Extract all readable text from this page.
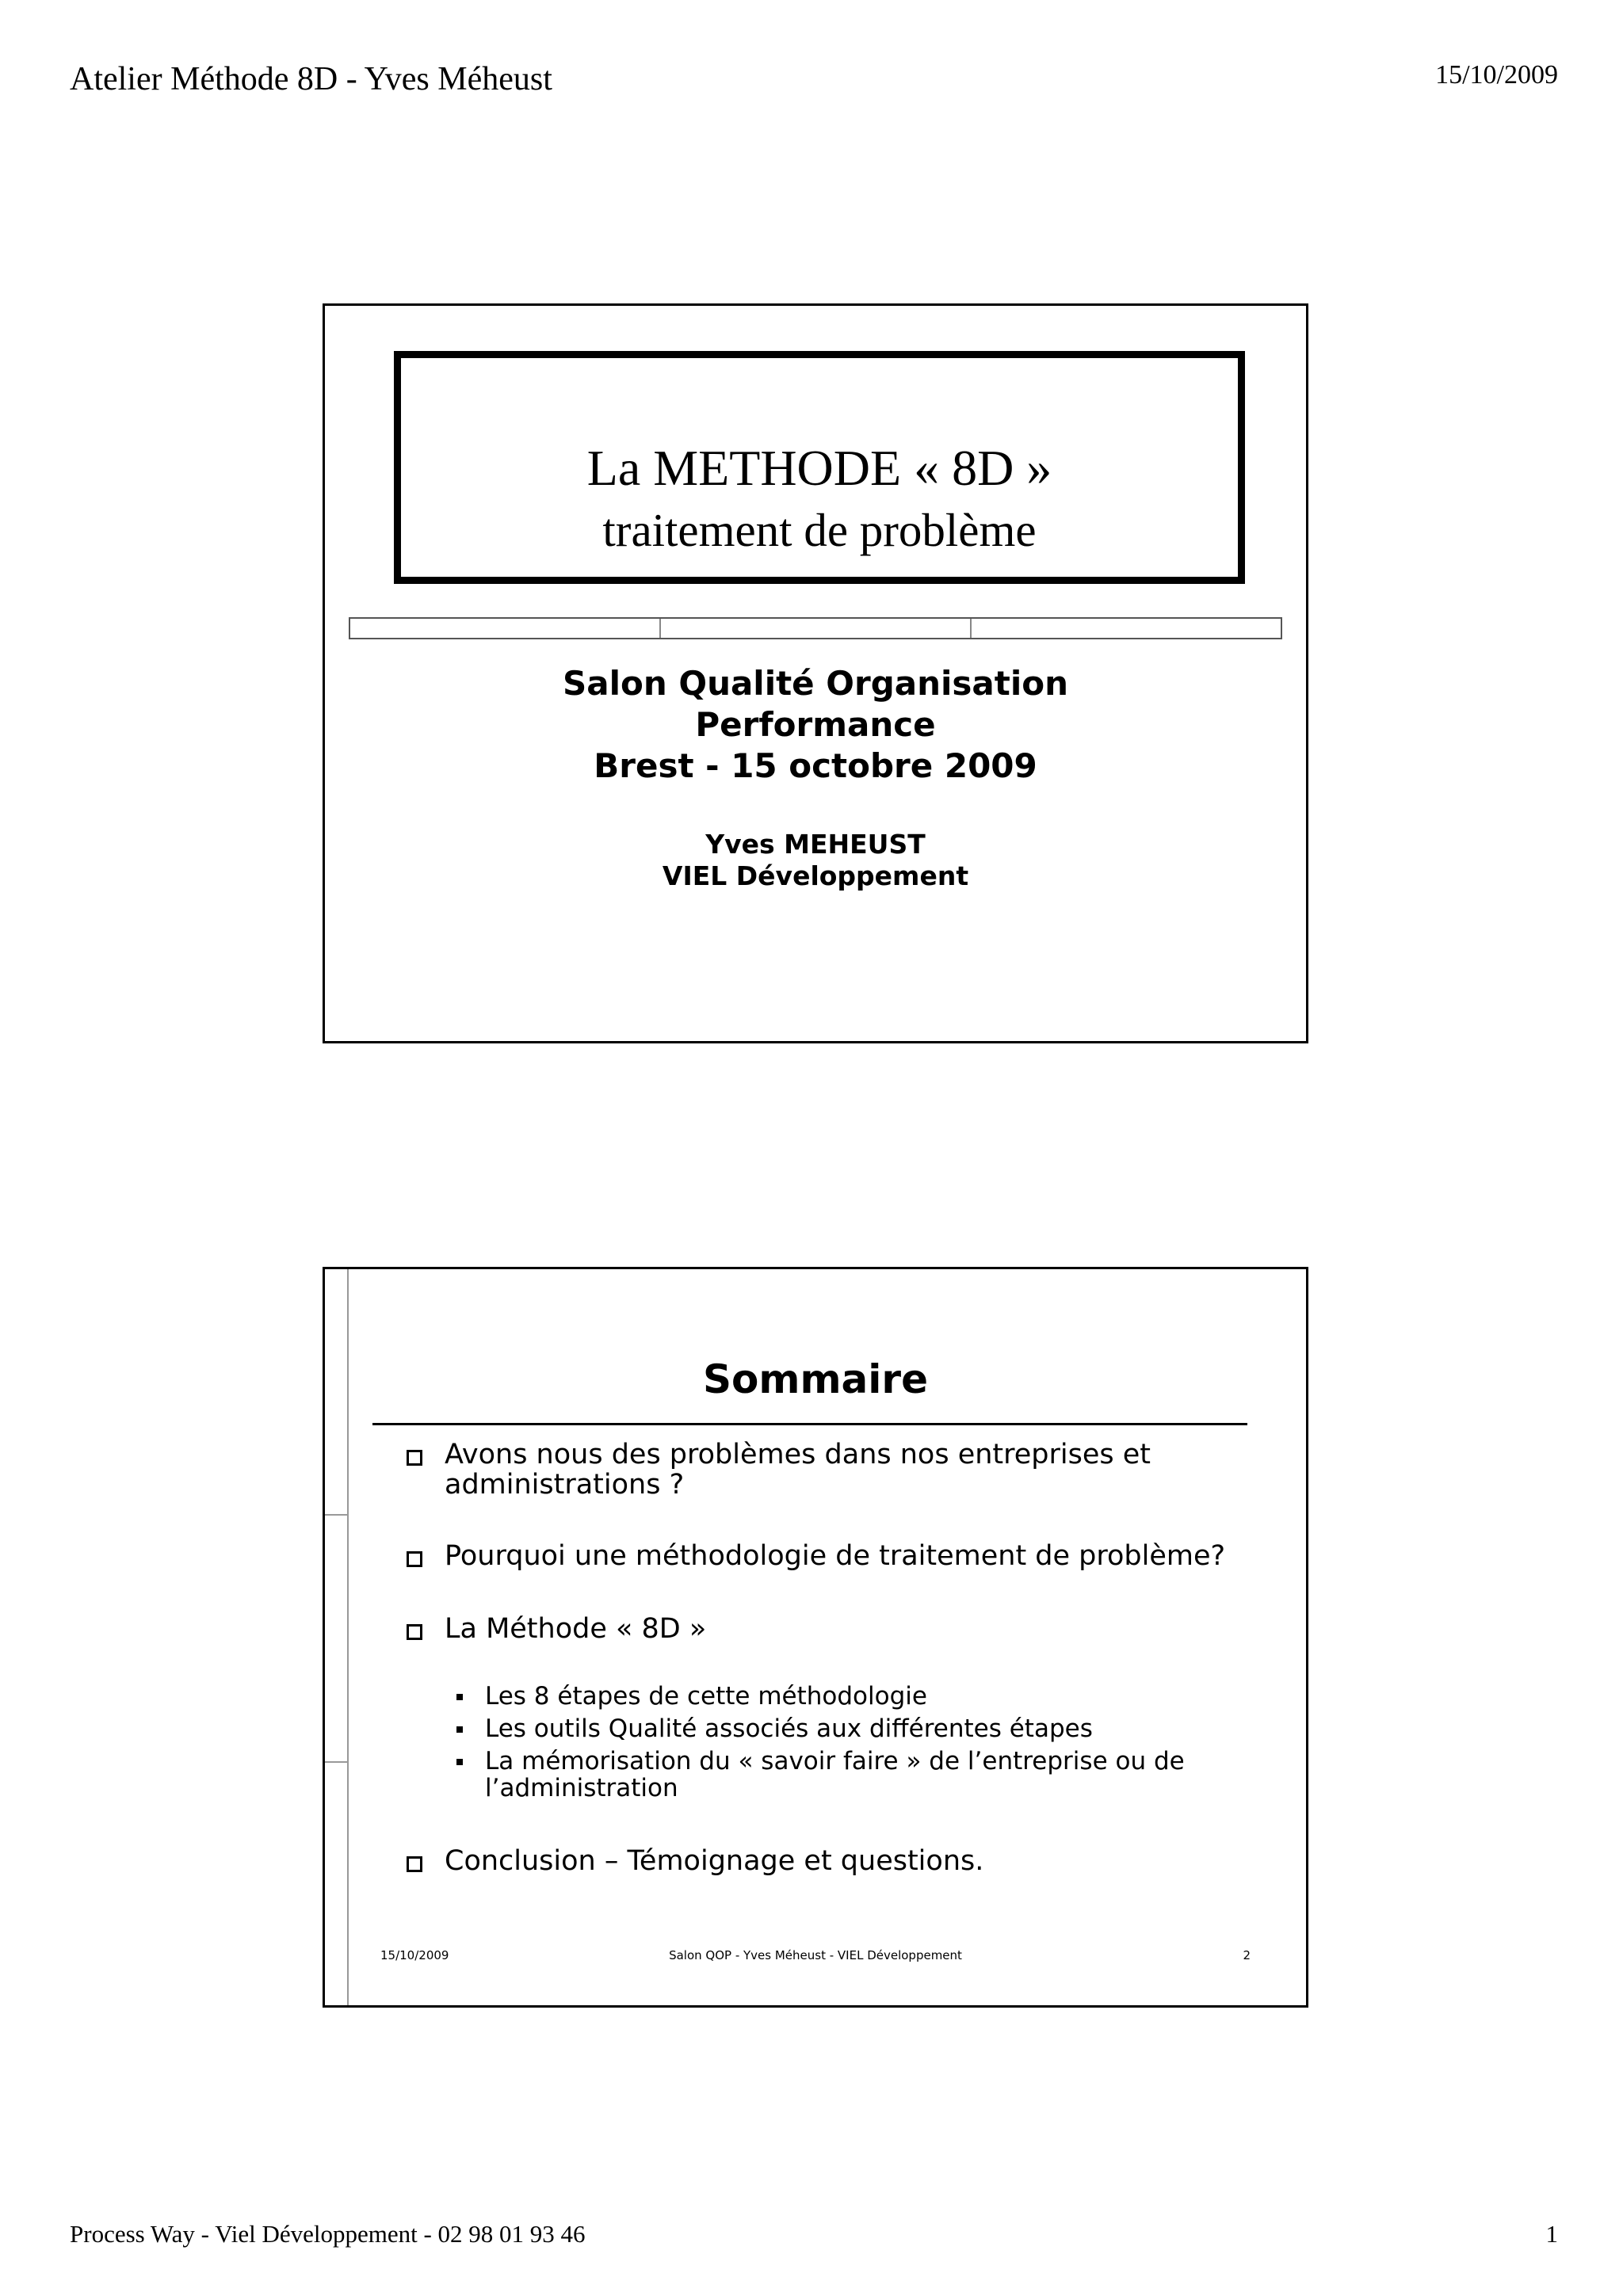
Atelier Méthode 8D - Yves Méheust	15/10/2009
La METHODE « 8D »
traitement de problème
Salon Qualité Organisation
Performance
Brest - 15 octobre 2009
Yves MEHEUST
VIEL Développement
Sommaire
Avons nous des problèmes dans nos entreprises et administrations ?
Pourquoi une méthodologie de traitement de problème?
La Méthode « 8D »
Les 8 étapes de cette méthodologie
Les outils Qualité associés aux différentes étapes
La mémorisation du « savoir faire » de l’entreprise ou de l’administration
Conclusion – Témoignage et questions.
15/10/2009	Salon QOP - Yves Méheust - VIEL Développement	2
Process Way - Viel Développement - 02 98 01 93 46	1
